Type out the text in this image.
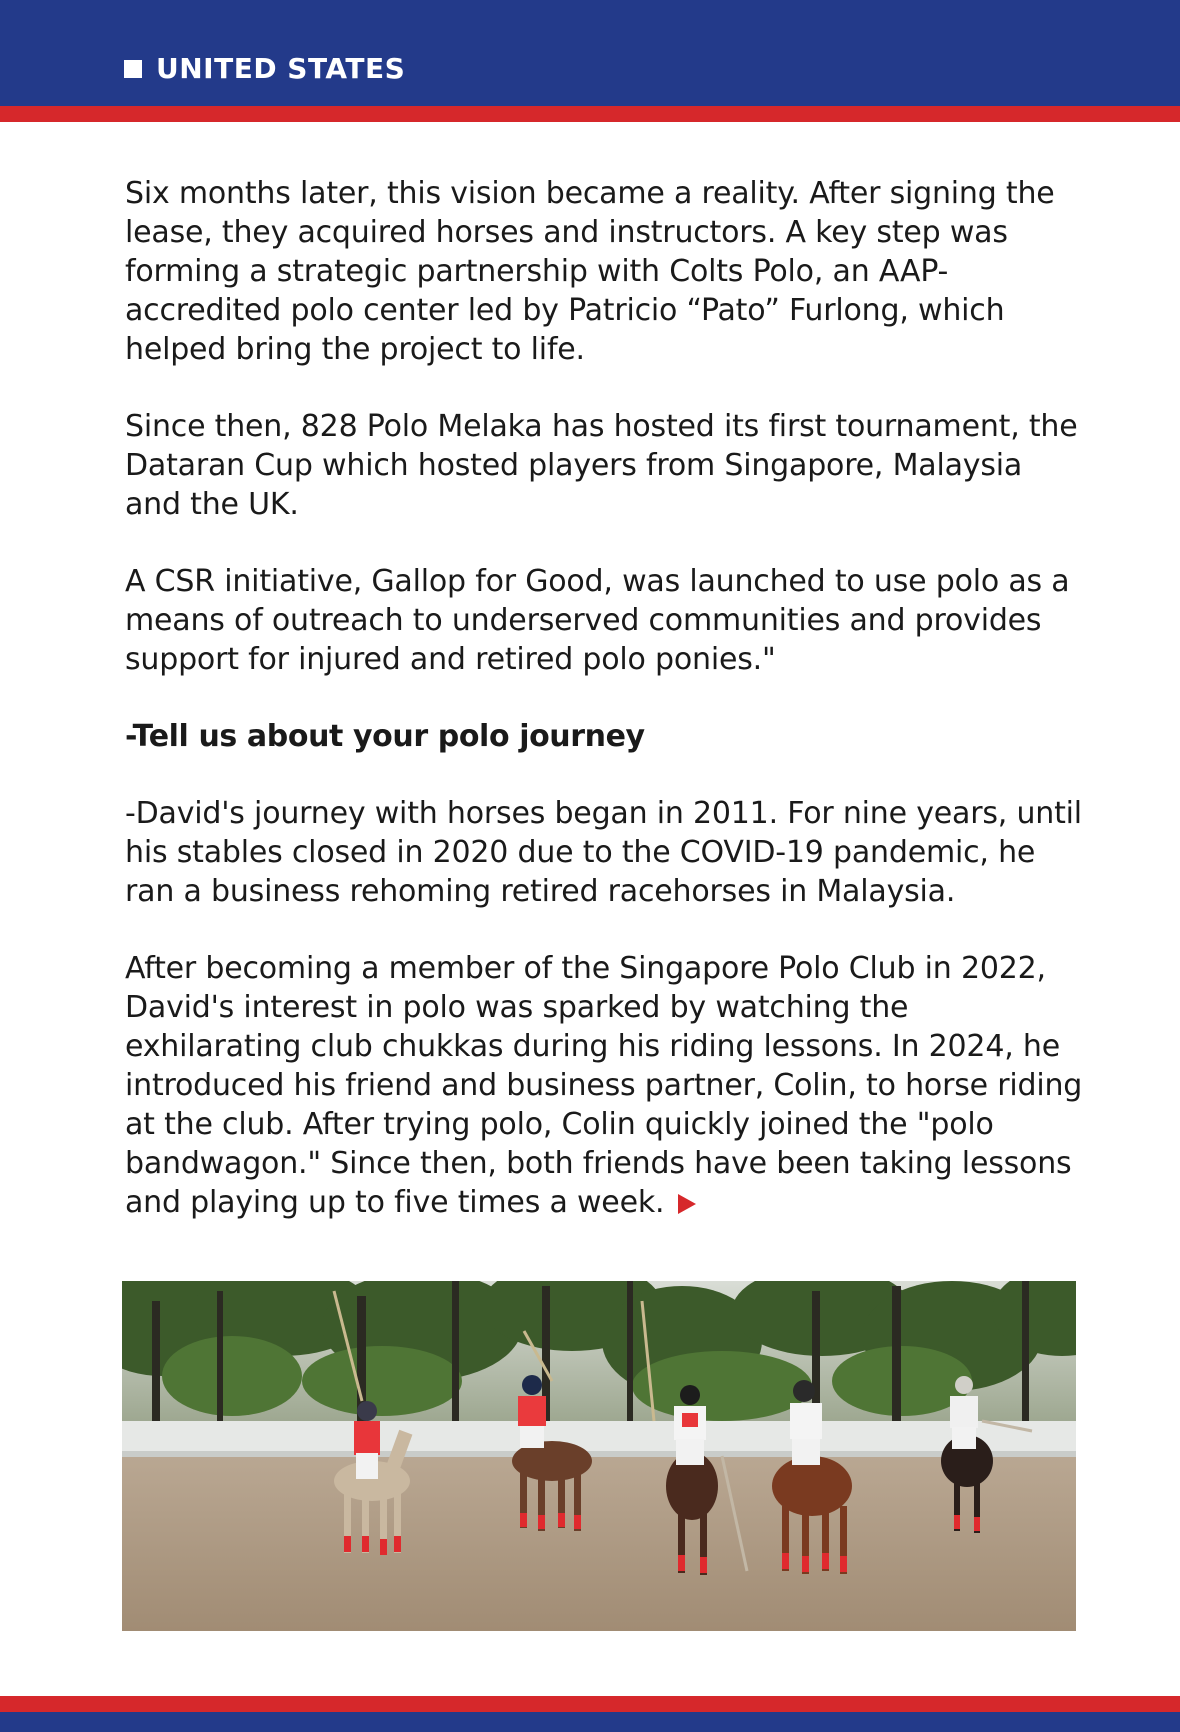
UNITED STATES

Six months later, this vision became a reality. After signing the lease, they acquired horses and instructors. A key step was forming a strategic partnership with Colts Polo, an AAP-accredited polo center led by Patricio “Pato” Furlong, which helped bring the project to life.

Since then, 828 Polo Melaka has hosted its first tournament, the Dataran Cup which hosted players from Singapore, Malaysia and the UK.

A CSR initiative, Gallop for Good, was launched to use polo as a means of outreach to underserved communities and provides support for injured and retired polo ponies."

-Tell us about your polo journey

-David's journey with horses began in 2011. For nine years, until his stables closed in 2020 due to the COVID-19 pandemic, he ran a business rehoming retired racehorses in Malaysia.

After becoming a member of the Singapore Polo Club in 2022, David's interest in polo was sparked by watching the exhilarating club chukkas during his riding lessons. In 2024, he introduced his friend and business partner, Colin, to horse riding at the club. After trying polo, Colin quickly joined the "polo bandwagon." Since then, both friends have been taking lessons and playing up to five times a week.
